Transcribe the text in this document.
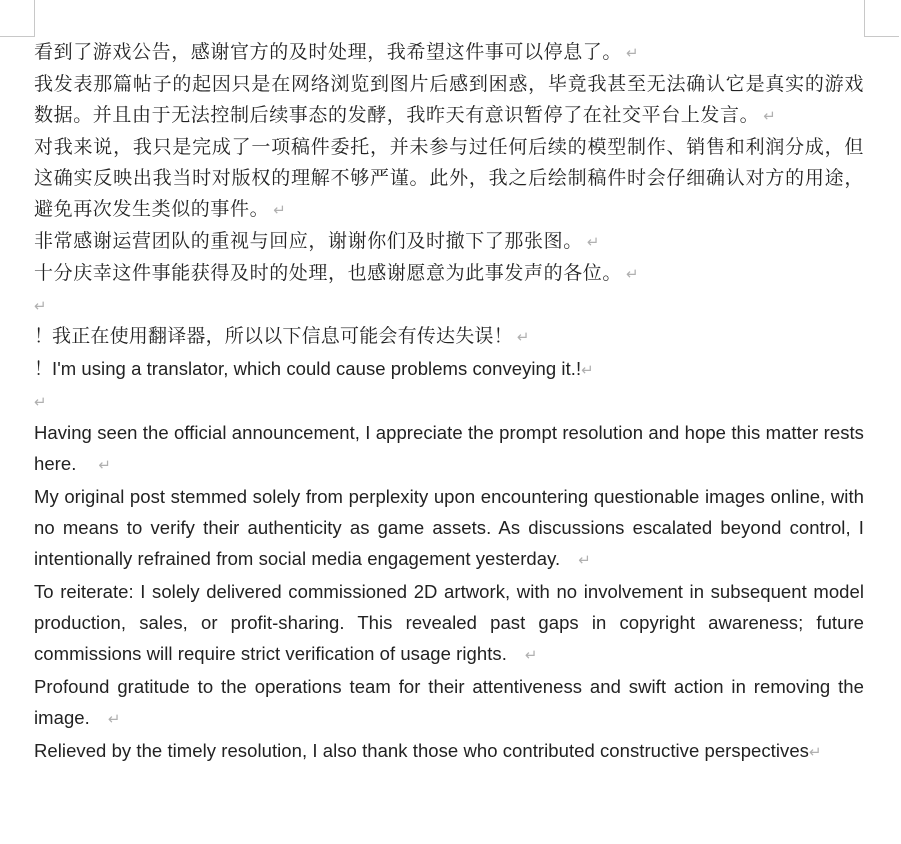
看到了游戏公告，感谢官方的及时处理，我希望这件事可以停息了。 ↵

我发表那篇帖子的起因只是在网络浏览到图片后感到困惑，毕竟我甚至无法确认它是真实的游戏数据。并且由于无法控制后续事态的发酵，我昨天有意识暂停了在社交平台上发言。 ↵

对我来说，我只是完成了一项稿件委托，并未参与过任何后续的模型制作、销售和利润分成，但这确实反映出我当时对版权的理解不够严谨。此外，我之后绘制稿件时会仔细确认对方的用途，避免再次发生类似的事件。 ↵

非常感谢运营团队的重视与回应，谢谢你们及时撤下了那张图。 ↵

十分庆幸这件事能获得及时的处理，也感谢愿意为此事发声的各位。 ↵

↵

！我正在使用翻译器，所以以下信息可能会有传达失误！ ↵

！I'm using a translator, which could cause problems conveying it.!↵

↵

Having seen the official announcement, I appreciate the prompt resolution and hope this matter rests here. ↵

My original post stemmed solely from perplexity upon encountering questionable images online, with no means to verify their authenticity as game assets. As discussions escalated beyond control, I intentionally refrained from social media engagement yesterday. ↵

To reiterate: I solely delivered commissioned 2D artwork, with no involvement in subsequent model production, sales, or profit-sharing. This revealed past gaps in copyright awareness; future commissions will require strict verification of usage rights. ↵

Profound gratitude to the operations team for their attentiveness and swift action in removing the image. ↵

Relieved by the timely resolution, I also thank those who contributed constructive perspectives↵
